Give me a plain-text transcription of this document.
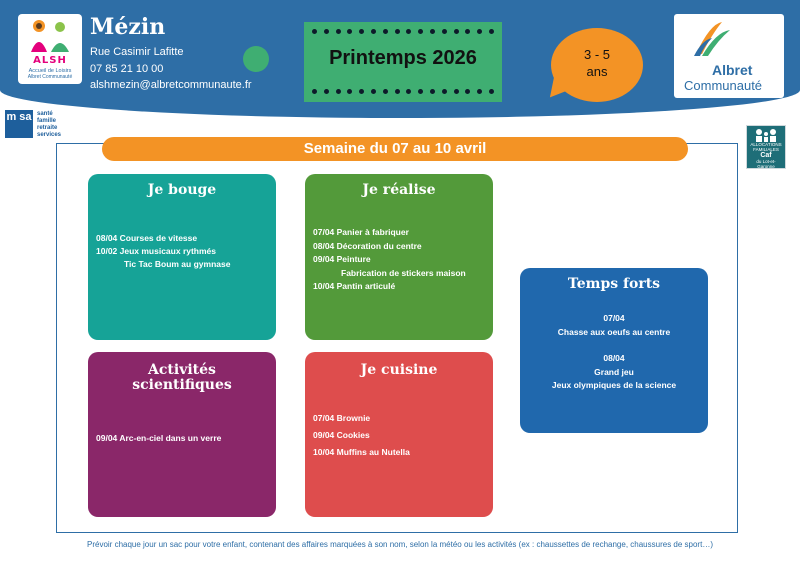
ALSH
Accueil de Loisirs
Albret Communauté
Mézin
Rue Casimir Lafitte
07 85 21 10 00
alshmezin@albretcommunaute.fr
Printemps 2026	3 - 5
ans	Albret
Communauté
m sa santé
famille
retraite
services
ALLOCATIONS
FAMILIALES
Caf
du Lot-et-
Garonne
Semaine du 07 au 10 avril
Je bouge
08/04 Courses de vitesse
10/02 Jeux musicaux rythmés
Tic Tac Boum au gymnase
Je réalise
07/04 Panier à fabriquer
08/04 Décoration du centre
09/04 Peinture
Fabrication de stickers maison
10/04 Pantin articulé
Activités
scientifiques
09/04 Arc-en-ciel dans un verre
Je cuisine
07/04 Brownie
09/04 Cookies
10/04 Muffins au Nutella
Temps forts
07/04
Chasse aux oeufs au centre
08/04
Grand jeu
Jeux olympiques de la science
Prévoir chaque jour un sac pour votre enfant, contenant des affaires marquées à son nom, selon la météo ou les activités (ex : chaussettes de rechange, chaussures de sport…)
